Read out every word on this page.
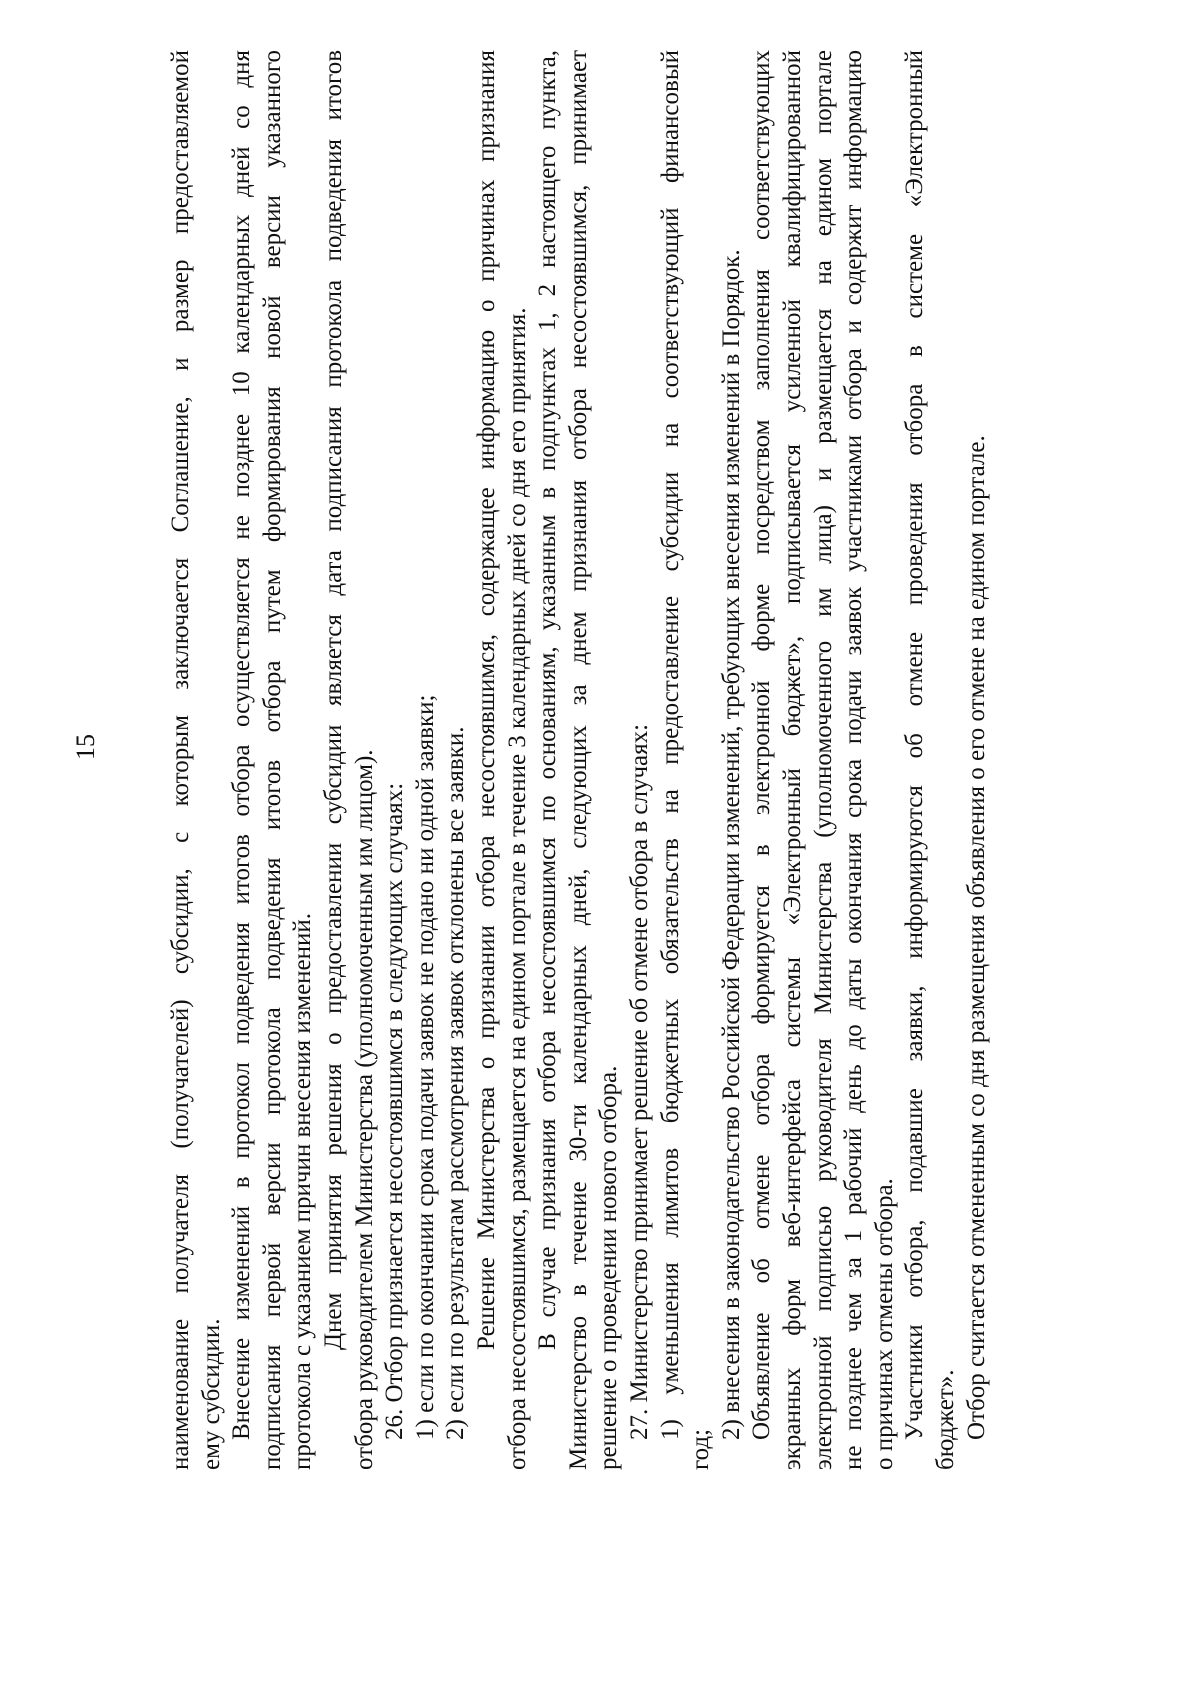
15	наименование получателя (получателей) субсидии, с которым заключается Соглашение, и размер предоставляемой ему субсидии. Внесение изменений в протокол подведения итогов отбора осуществляется не позднее 10 календарных дней со дня подписания первой версии протокола подведения итогов отбора путем формирования новой версии указанного протокола с указанием причин внесения изменений. Днем принятия решения о предоставлении субсидии является дата подписания протокола подведения итогов отбора руководителем Министерства (уполномоченным им лицом). 26. Отбор признается несостоявшимся в следующих случаях: 1) если по окончании срока подачи заявок не подано ни одной заявки; 2) если по результатам рассмотрения заявок отклонены все заявки. Решение Министерства о признании отбора несостоявшимся, содержащее информацию о причинах признания отбора несостоявшимся, размещается на едином портале в течение 3 календарных дней со дня его принятия. В случае признания отбора несостоявшимся по основаниям, указанным в подпунктах 1, 2 настоящего пункта, Министерство в течение 30-ти календарных дней, следующих за днем признания отбора несостоявшимся, принимает решение о проведении нового отбора. 27. Министерство принимает решение об отмене отбора в случаях: 1) уменьшения лимитов бюджетных обязательств на предоставление субсидии на соответствующий финансовый
год;
2) внесения в законодательство Российской Федерации изменений, требующих внесения изменений в Порядок. Объявление об отмене отбора формируется в электронной форме посредством заполнения соответствующих экранных форм веб-интерфейса системы «Электронный бюджет», подписывается усиленной квалифицированной электронной подписью руководителя Министерства (уполномоченного им лица) и размещается на едином портале не позднее чем за 1 рабочий день до даты окончания срока подачи заявок участниками отбора и содержит информацию о причинах отмены отбора. Участники отбора, подавшие заявки, информируются об отмене проведения отбора в системе «Электронный бюджет». Отбор считается отмененным со дня размещения объявления о его отмене на едином портале.
